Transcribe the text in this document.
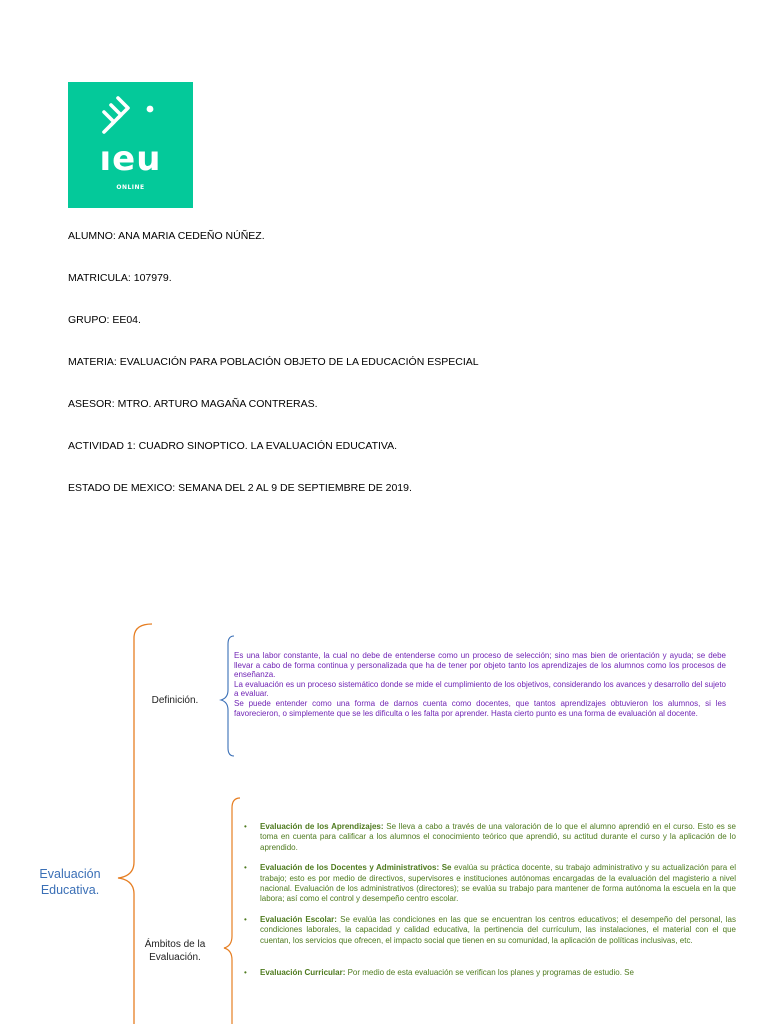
ıeu
ONLINE
ALUMNO: ANA MARIA CEDEÑO NÚÑEZ.
MATRICULA: 107979.
GRUPO: EE04.
MATERIA: EVALUACIÓN PARA POBLACIÓN OBJETO DE LA EDUCACIÓN ESPECIAL
ASESOR: MTRO. ARTURO MAGAÑA CONTRERAS.
ACTIVIDAD 1: CUADRO SINOPTICO. LA EVALUACIÓN EDUCATIVA.
ESTADO DE MEXICO: SEMANA DEL 2 AL 9 DE SEPTIEMBRE DE 2019.
Evaluación Educativa.
Definición.
Ámbitos de la Evaluación.

Es una labor constante, la cual no debe de entenderse como un proceso de selección; sino mas bien de orientación y ayuda; se debe llevar a cabo de forma continua y personalizada que ha de tener por objeto tanto los aprendizajes de los alumnos como los procesos de enseñanza.

La evaluación es un proceso sistemático donde se mide el cumplimiento de los objetivos, considerando los avances y desarrollo del sujeto a evaluar.

Se puede entender como una forma de darnos cuenta como docentes, que tantos aprendizajes obtuvieron los alumnos, si les favorecieron, o simplemente que se les dificulta o les falta por aprender. Hasta cierto punto es una forma de evaluación al docente.

• Evaluación de los Aprendizajes: Se lleva a cabo a través de una valoración de lo que el alumno aprendió en el curso. Esto es se toma en cuenta para calificar a los alumnos el conocimiento teórico que aprendió, su actitud durante el curso y la aplicación de lo aprendido.
• Evaluación de los Docentes y Administrativos: Se evalúa su práctica docente, su trabajo administrativo y su actualización para el trabajo; esto es por medio de directivos, supervisores e instituciones autónomas encargadas de la evaluación del magisterio a nivel nacional. Evaluación de los administrativos (directores); se evalúa su trabajo para mantener de forma autónoma la escuela en la que labora; así como el control y desempeño centro escolar.
• Evaluación Escolar: Se evalúa las condiciones en las que se encuentran los centros educativos; el desempeño del personal, las condiciones laborales, la capacidad y calidad educativa, la pertinencia del currículum, las instalaciones, el material con el que cuentan, los servicios que ofrecen, el impacto social que tienen en su comunidad, la aplicación de políticas inclusivas, etc.
• Evaluación Curricular: Por medio de esta evaluación se verifican los planes y programas de estudio. Se
